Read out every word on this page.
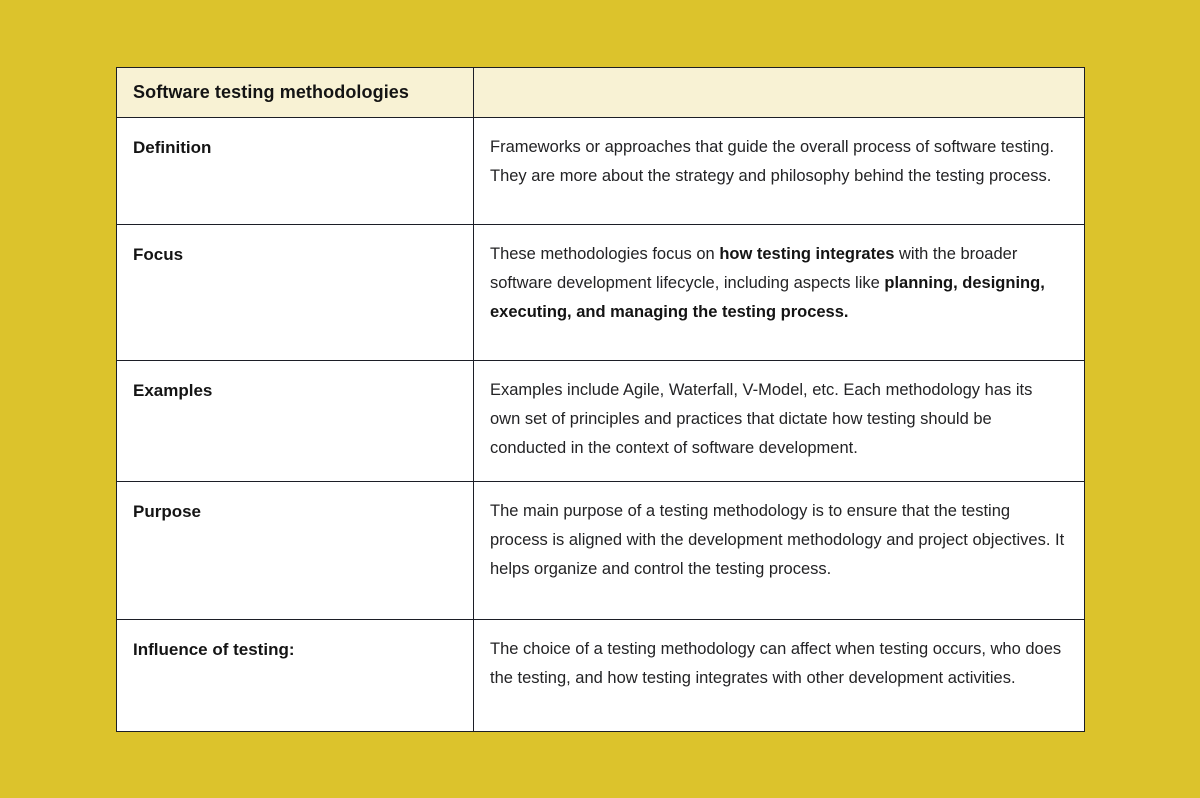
Software testing methodologies	
Definition	Frameworks or approaches that guide the overall process of software testing. They are more about the strategy and philosophy behind the testing process.
Focus	These methodologies focus on how testing integrates with the broader software development lifecycle, including aspects like planning, designing, executing, and managing the testing process.
Examples	Examples include Agile, Waterfall, V-Model, etc. Each methodology has its own set of principles and practices that dictate how testing should be conducted in the context of software development.
Purpose	The main purpose of a testing methodology is to ensure that the testing process is aligned with the development methodology and project objectives. It helps organize and control the testing process.
Influence of testing:	The choice of a testing methodology can affect when testing occurs, who does the testing, and how testing integrates with other development activities.
